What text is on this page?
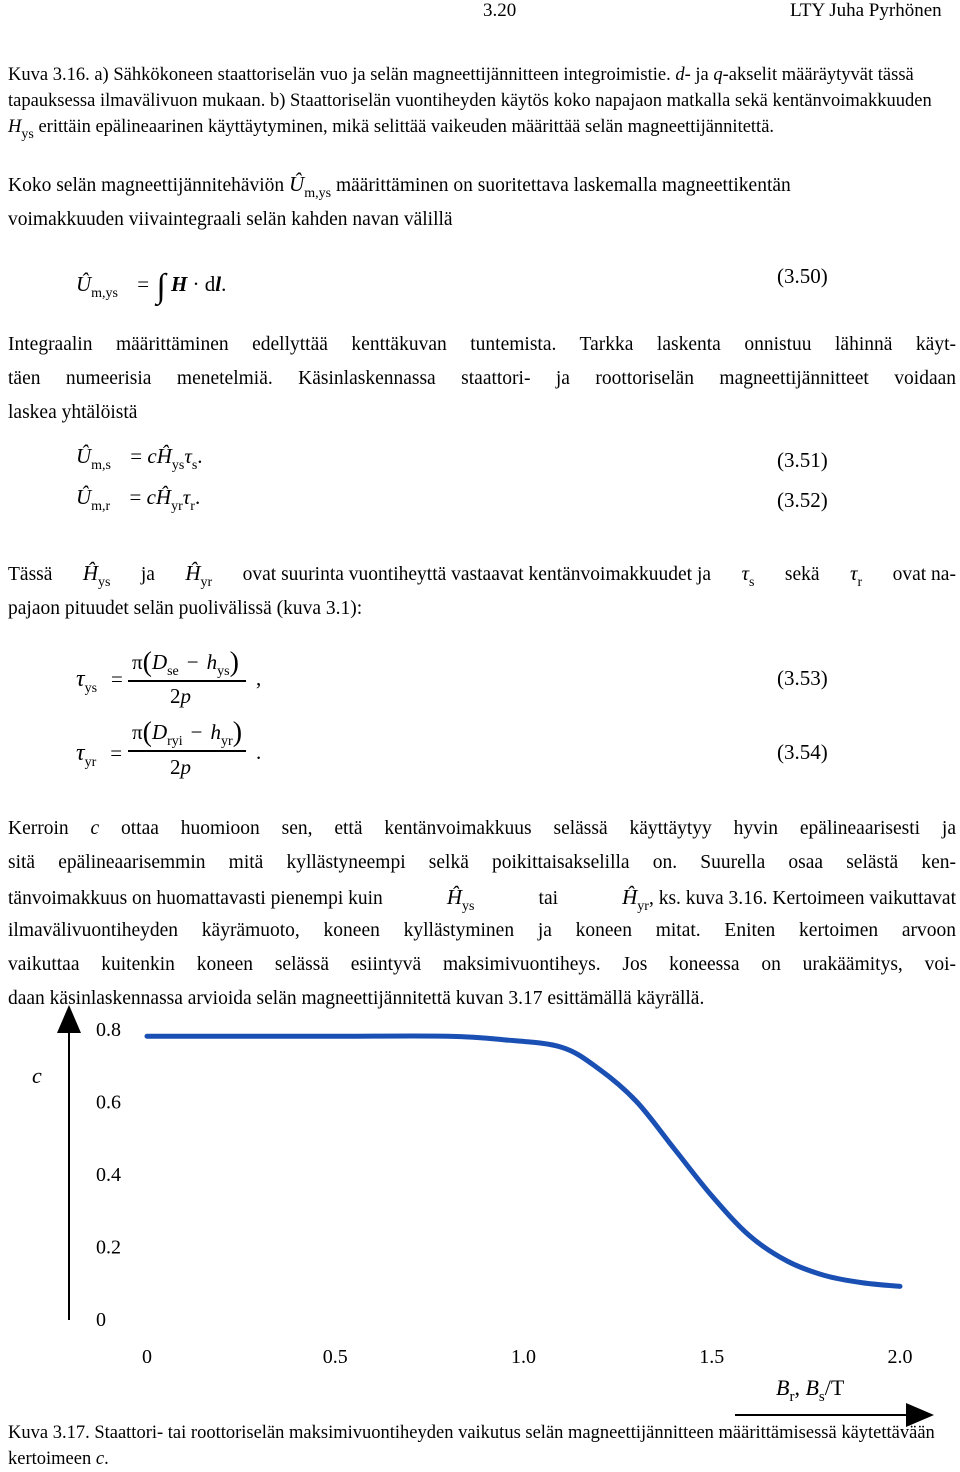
3.20	LTY Juha Pyrhönen
Kuva 3.16. a) Sähkökoneen staattoriselän vuo ja selän magneettijännitteen integroimistie. d- ja q-akselit määräytyvät tässä tapauksessa ilmavälivuon mukaan. b) Staattoriselän vuontiheyden käytös koko napajaon matkalla sekä kentänvoimakkuuden $H_{ys}$ erittäin epälineaarinen käyttäytyminen, mikä selittää vaikeuden määrittää selän magneettijännitettä.
Koko selän magneettijännitehäviön $Û_{m,ys}$ määrittäminen on suoritettava laskemalla magneettikentän
voimakkuuden viivaintegraali selän kahden navan välillä
$Û_{m,ys}$ = ∫ H · dl.	(3.50)
Integraalin määrittäminen edellyttää kenttäkuvan tuntemista. Tarkka laskenta onnistuu lähinnä käyt-
täen numeerisia menetelmiä. Käsinlaskennassa staattori- ja roottoriselän magneettijännitteet voidaan
laskea yhtälöistä
$Û_{m,s}$ = $cĤ_{ys}\tau_s$.	(3.51)
$Û_{m,r}$ = $cĤ_{yr}\tau_r$.	(3.52)
Tässä $Ĥ_{ys}$ ja $Ĥ_{yr}$ ovat suurinta vuontiheyttä vastaavat kentänvoimakkuudet ja $\tau_s$ sekä $\tau_r$ ovat na-
pajaon pituudet selän puolivälissä (kuva 3.1):
$\tau_{ys}$ =
$\pi(D_{se} - h_{ys})$
2p
,	(3.53)
$\tau_{yr}$ =
$\pi(D_{ryi} - h_{yr})$
2p
.	(3.54)
Kerroin c ottaa huomioon sen, että kentänvoimakkuus selässä käyttäytyy hyvin epälineaarisesti ja
sitä epälineaarisemmin mitä kyllästyneempi selkä poikittaisakselilla on. Suurella osaa selästä ken-
tänvoimakkuus on huomattavasti pienempi kuin	$Ĥ_{ys}$	tai	$Ĥ_{yr}$, ks. kuva 3.16. Kertoimeen vaikuttavat
ilmavälivuontiheyden käyrämuoto, koneen kyllästyminen ja koneen mitat. Eniten kertoimen arvoon
vaikuttaa kuitenkin koneen selässä esiintyvä maksimivuontiheys. Jos koneessa on urakäämitys, voi-
daan käsinlaskennassa arvioida selän magneettijännitettä kuvan 3.17 esittämällä käyrällä.
c
$B_r$, $B_s/T$
0.8
0.6
0.4
0.2
0
0	0.5	1.0	1.5	2.0
Kuva 3.17. Staattori- tai roottoriselän maksimivuontiheyden vaikutus selän magneettijännitteen määrittämisessä käytettävään kertoimeen c.
